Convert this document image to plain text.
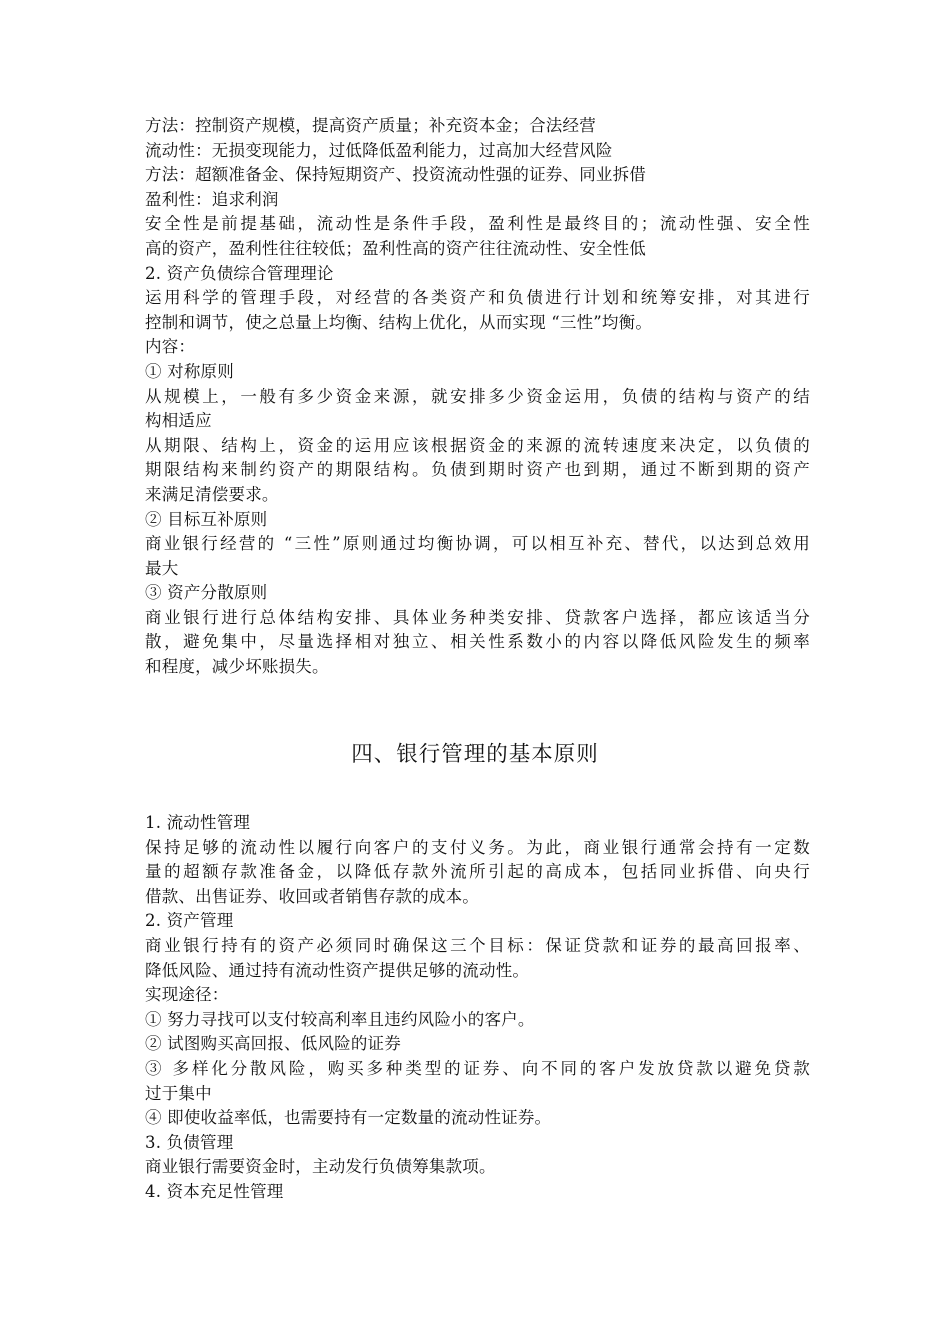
方法：控制资产规模，提高资产质量；补充资本金；合法经营
流动性：无损变现能力，过低降低盈利能力，过高加大经营风险
方法：超额准备金、保持短期资产、投资流动性强的证券、同业拆借
盈利性：追求利润
安全性是前提基础，流动性是条件手段，盈利性是最终目的；流动性强、安全性
高的资产，盈利性往往较低；盈利性高的资产往往流动性、安全性低
2. 资产负债综合管理理论
运用科学的管理手段，对经营的各类资产和负债进行计划和统筹安排，对其进行
控制和调节，使之总量上均衡、结构上优化，从而实现 “三性”均衡。
内容：
① 对称原则
从规模上，一般有多少资金来源，就安排多少资金运用，负债的结构与资产的结
构相适应
从期限、结构上，资金的运用应该根据资金的来源的流转速度来决定，以负债的
期限结构来制约资产的期限结构。负债到期时资产也到期，通过不断到期的资产
来满足清偿要求。
② 目标互补原则
商业银行经营的 “三性”原则通过均衡协调，可以相互补充、替代，以达到总效用
最大
③ 资产分散原则
商业银行进行总体结构安排、具体业务种类安排、贷款客户选择，都应该适当分
散，避免集中，尽量选择相对独立、相关性系数小的内容以降低风险发生的频率
和程度，减少坏账损失。
四、银行管理的基本原则
1. 流动性管理
保持足够的流动性以履行向客户的支付义务。为此，商业银行通常会持有一定数
量的超额存款准备金，以降低存款外流所引起的高成本，包括同业拆借、向央行
借款、出售证券、收回或者销售存款的成本。
2. 资产管理
商业银行持有的资产必须同时确保这三个目标：保证贷款和证券的最高回报率、
降低风险、通过持有流动性资产提供足够的流动性。
实现途径：
① 努力寻找可以支付较高利率且违约风险小的客户。
② 试图购买高回报、低风险的证券
③ 多样化分散风险，购买多种类型的证券、向不同的客户发放贷款以避免贷款
过于集中
④ 即使收益率低，也需要持有一定数量的流动性证券。
3. 负债管理
商业银行需要资金时，主动发行负债筹集款项。
4. 资本充足性管理
